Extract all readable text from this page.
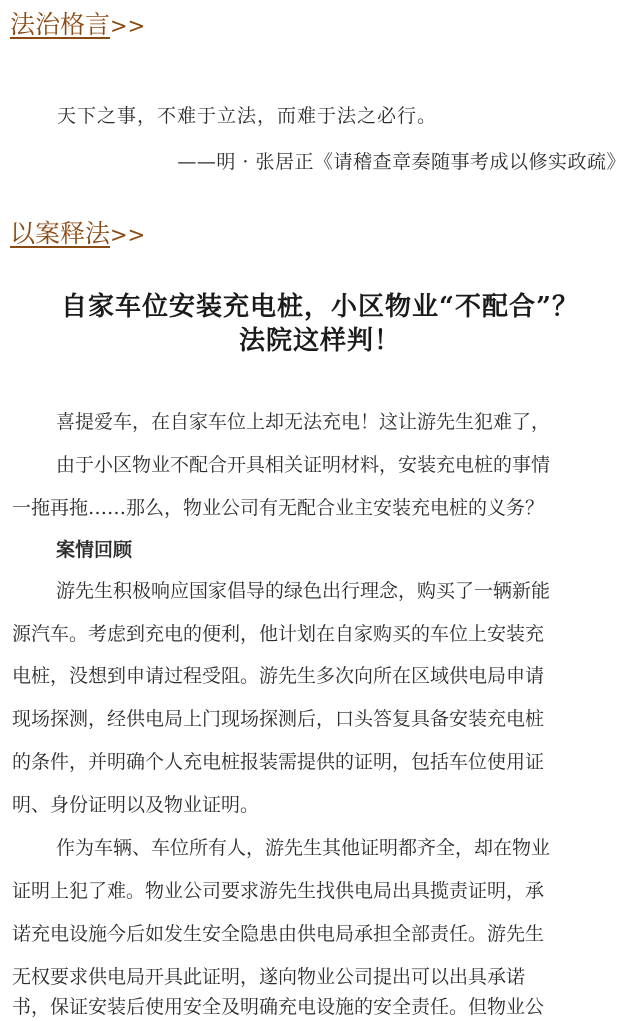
法治格言>>
天下之事，不难于立法，而难于法之必行。
——明 · 张居正《请稽查章奏随事考成以修实政疏》
以案释法>>
自家车位安装充电桩，小区物业“不配合”？
法院这样判！
喜提爱车，在自家车位上却无法充电！这让游先生犯难了，
由于小区物业不配合开具相关证明材料，安装充电桩的事情
一拖再拖……那么，物业公司有无配合业主安装充电桩的义务？
案情回顾
游先生积极响应国家倡导的绿色出行理念，购买了一辆新能
源汽车。考虑到充电的便利，他计划在自家购买的车位上安装充
电桩，没想到申请过程受阻。游先生多次向所在区域供电局申请
现场探测，经供电局上门现场探测后，口头答复具备安装充电桩
的条件，并明确个人充电桩报装需提供的证明，包括车位使用证
明、身份证明以及物业证明。
作为车辆、车位所有人，游先生其他证明都齐全，却在物业
证明上犯了难。物业公司要求游先生找供电局出具揽责证明，承
诺充电设施今后如发生安全隐患由供电局承担全部责任。游先生
无权要求供电局开具此证明，遂向物业公司提出可以出具承诺
书，保证安装后使用安全及明确充电设施的安全责任。但物业公
